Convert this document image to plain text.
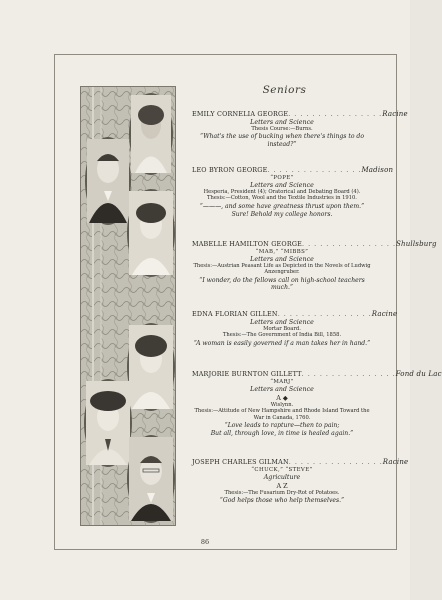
Seniors
EMILY CORNELIA GEORGE . . . . . . . . . . . . . . . . Racine
Letters and Science
Thesis Course:—Burns.
“What's the use of bucking when there's things to do instead?”
LEO BYRON GEORGE . . . . . . . . . . . . . . . . Madison
“POPE”
Letters and Science
Hesperia, President (4); Oratorical and Debating Board (4).
Thesis:—Cotton, Wool and the Textile Industries in 1910.
“———, and some have greatness thrust upon them.”
Sure! Behold my college honors.
MABELLE HAMILTON GEORGE . . . . . . . . . . . . . . . . Shullsburg
“MAB,” “MIBBS”
Letters and Science
Thesis:—Austrian Peasant Life as Depicted in the Novels of Ludwig Anzengruber.
“I wonder, do the fellows call on high-school teachers much.”
EDNA FLORIAN GILLEN . . . . . . . . . . . . . . . . Racine
Letters and Science
Mortar Board.
Thesis:—The Government of India Bill, 1858.
“A woman is easily governed if a man takes her in hand.”
MARJORIE BURNTON GILLETT . . . . . . . . . . . . . . . . Fond du Lac
“MARJ”
Letters and Science
A ◆
Wislynn.
Thesis:—Attitude of New Hampshire and Rhode Island Toward the War in Canada, 1760.
“Love leads to rapture—then to pain;
But all, through love, in time is healed again.”
JOSEPH CHARLES GILMAN . . . . . . . . . . . . . . . . Racine
“CHUCK,” “STEVE”
Agriculture
A Z
Thesis:—The Fusarium Dry-Rot of Potatoes.
“God helps those who help themselves.”
86
